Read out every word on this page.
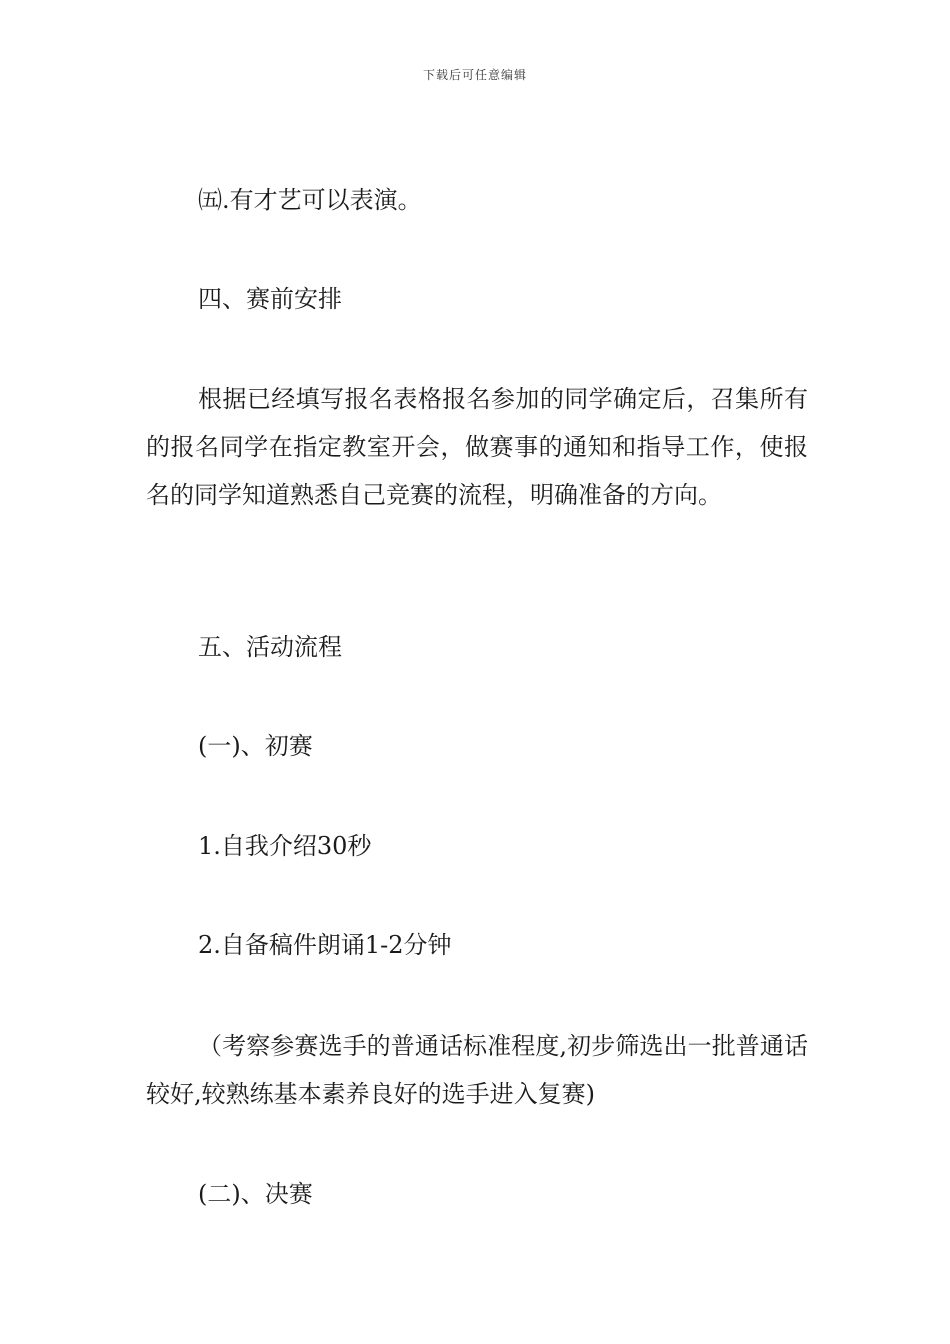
下载后可任意编辑

㈤.有才艺可以表演。

四、赛前安排

根据已经填写报名表格报名参加的同学确定后，召集所有的报名同学在指定教室开会，做赛事的通知和指导工作，使报名的同学知道熟悉自己竞赛的流程，明确准备的方向。

五、活动流程

(一)、初赛

1.自我介绍30秒

2.自备稿件朗诵1-2分钟

（考察参赛选手的普通话标准程度,初步筛选出一批普通话较好,较熟练基本素养良好的选手进入复赛)

(二)、决赛
